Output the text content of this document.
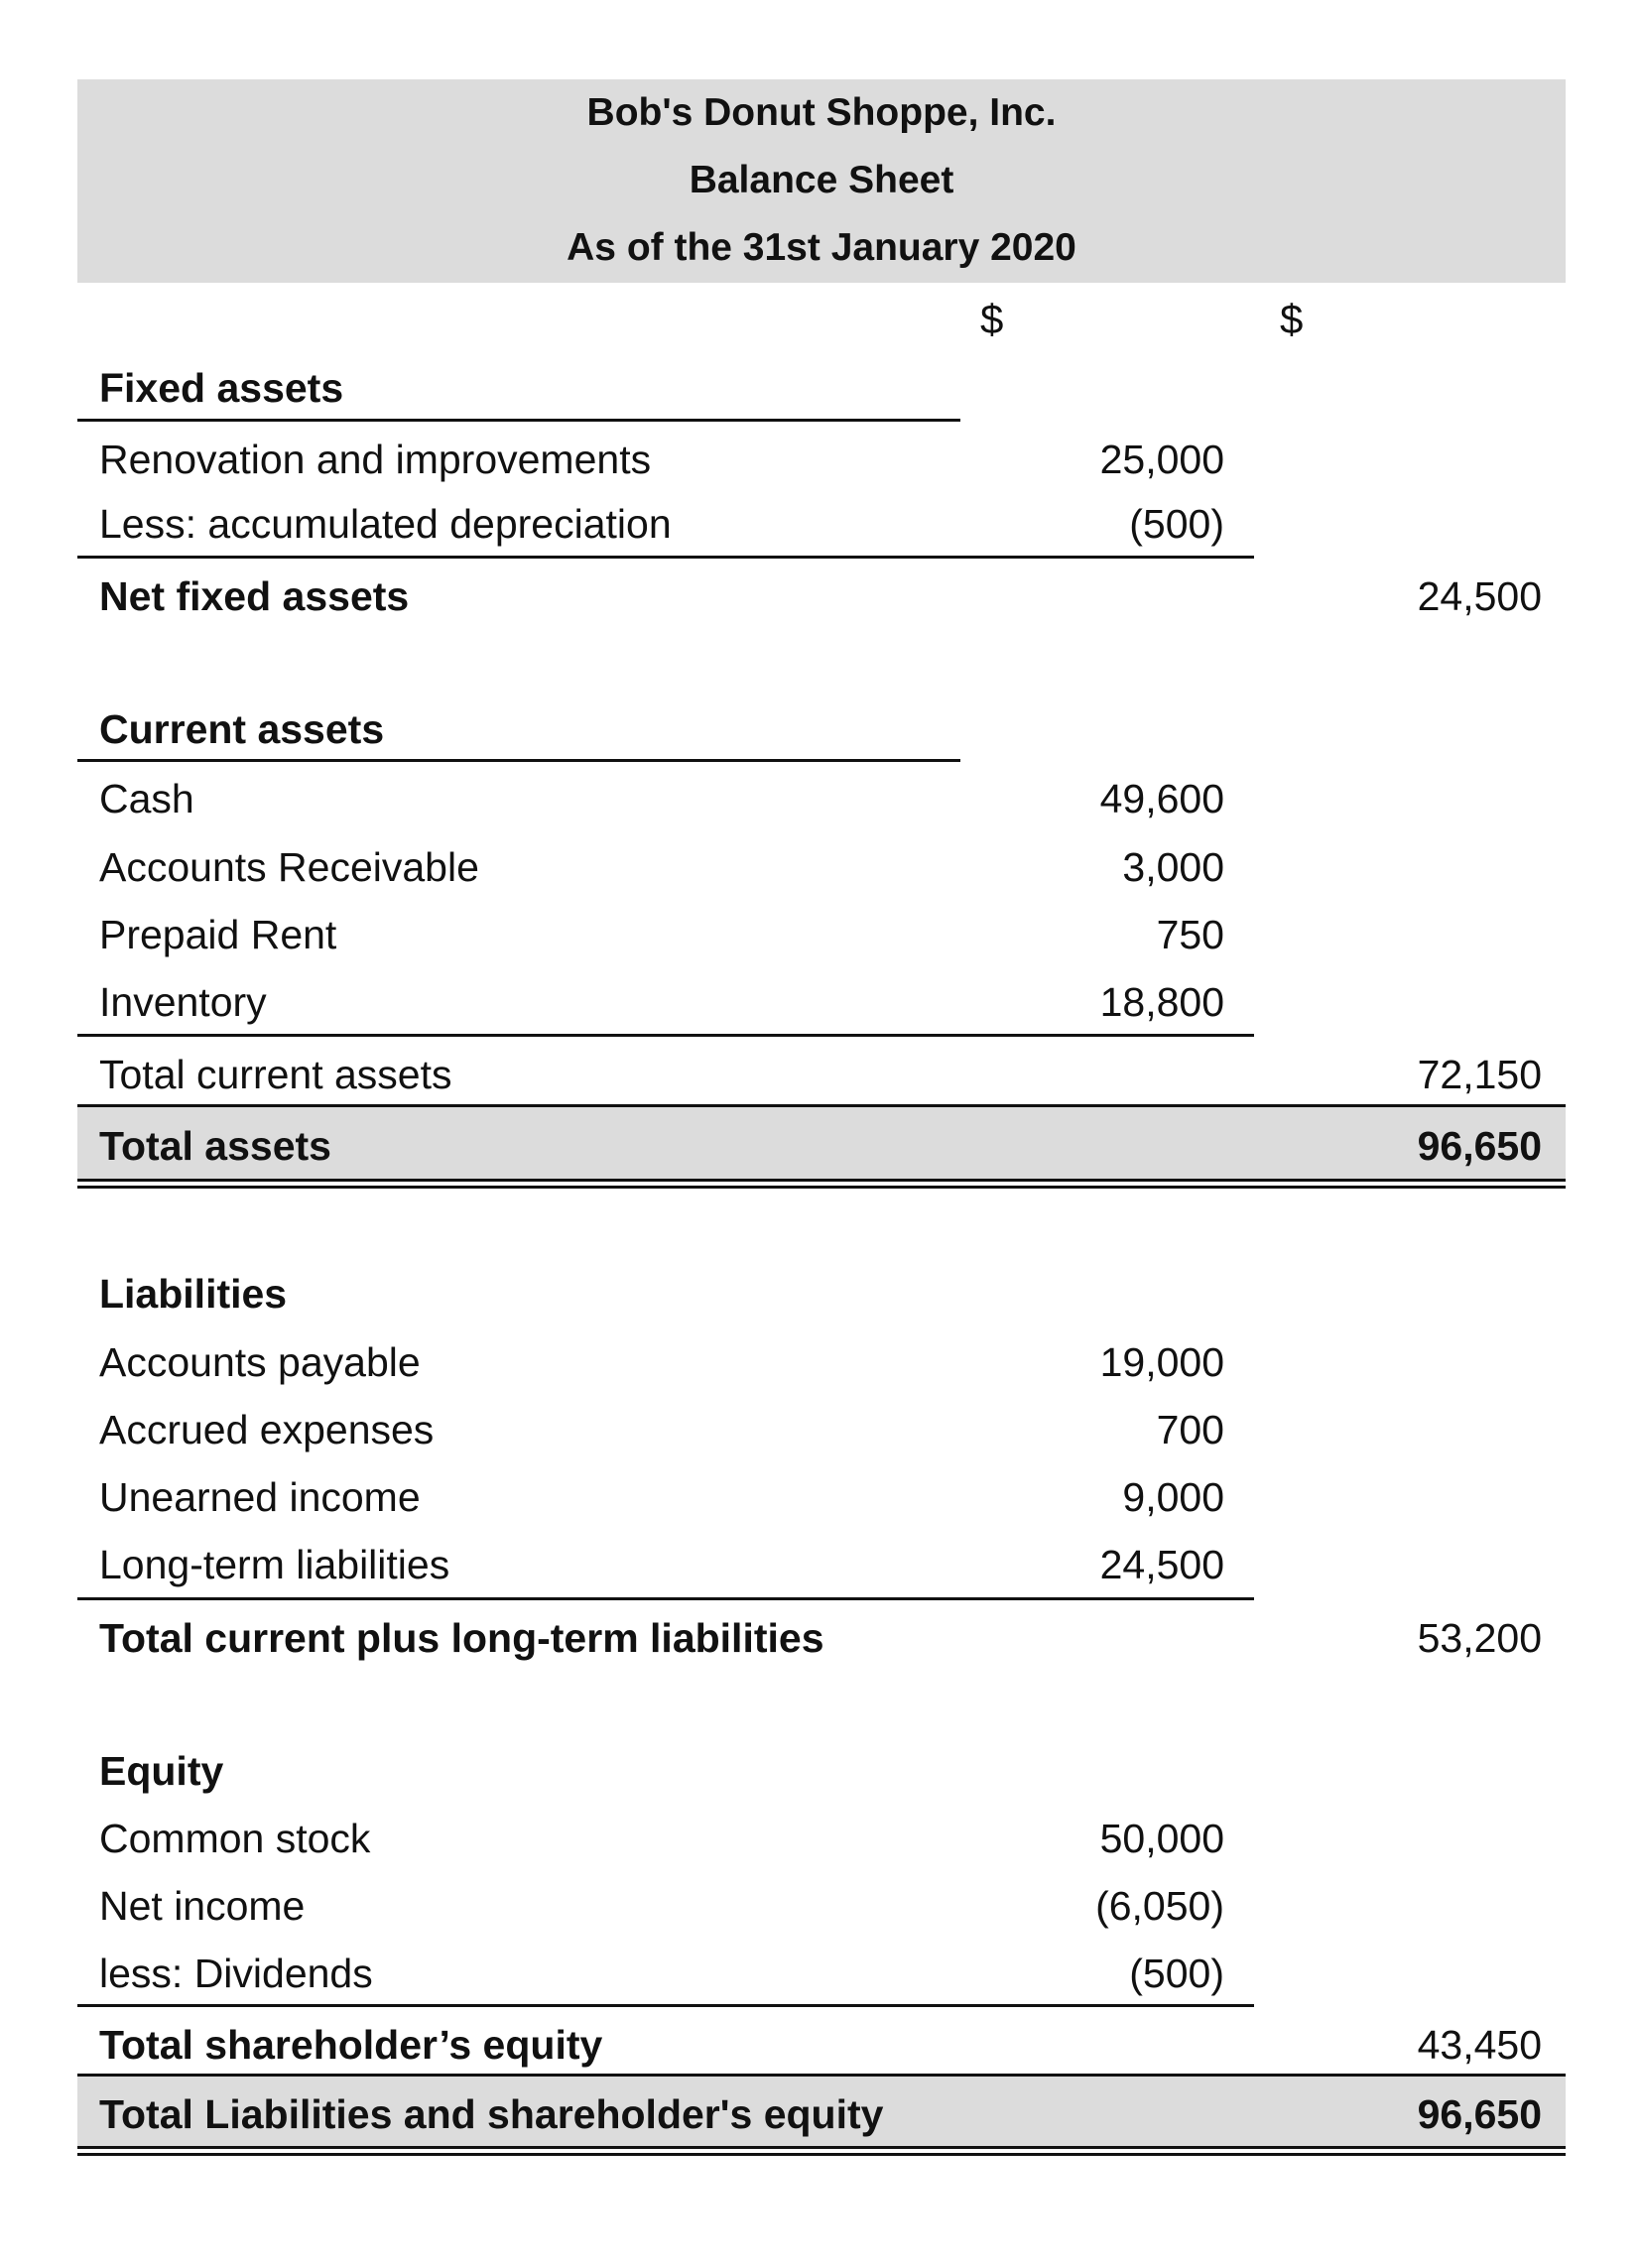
Bob's Donut Shoppe, Inc.
Balance Sheet
As of the 31st January 2020
$	$
Fixed assets
Renovation and improvements	25,000
Less: accumulated depreciation	(500)
Net fixed assets	24,500
Current assets
Cash	49,600
Accounts Receivable	3,000
Prepaid Rent	750
Inventory	18,800
Total current assets	72,150
Total assets	96,650
Liabilities
Accounts payable	19,000
Accrued expenses	700
Unearned income	9,000
Long-term liabilities	24,500
Total current plus long-term liabilities	53,200
Equity
Common stock	50,000
Net income	(6,050)
less: Dividends	(500)
Total shareholder’s equity	43,450
Total Liabilities and shareholder's equity	96,650
